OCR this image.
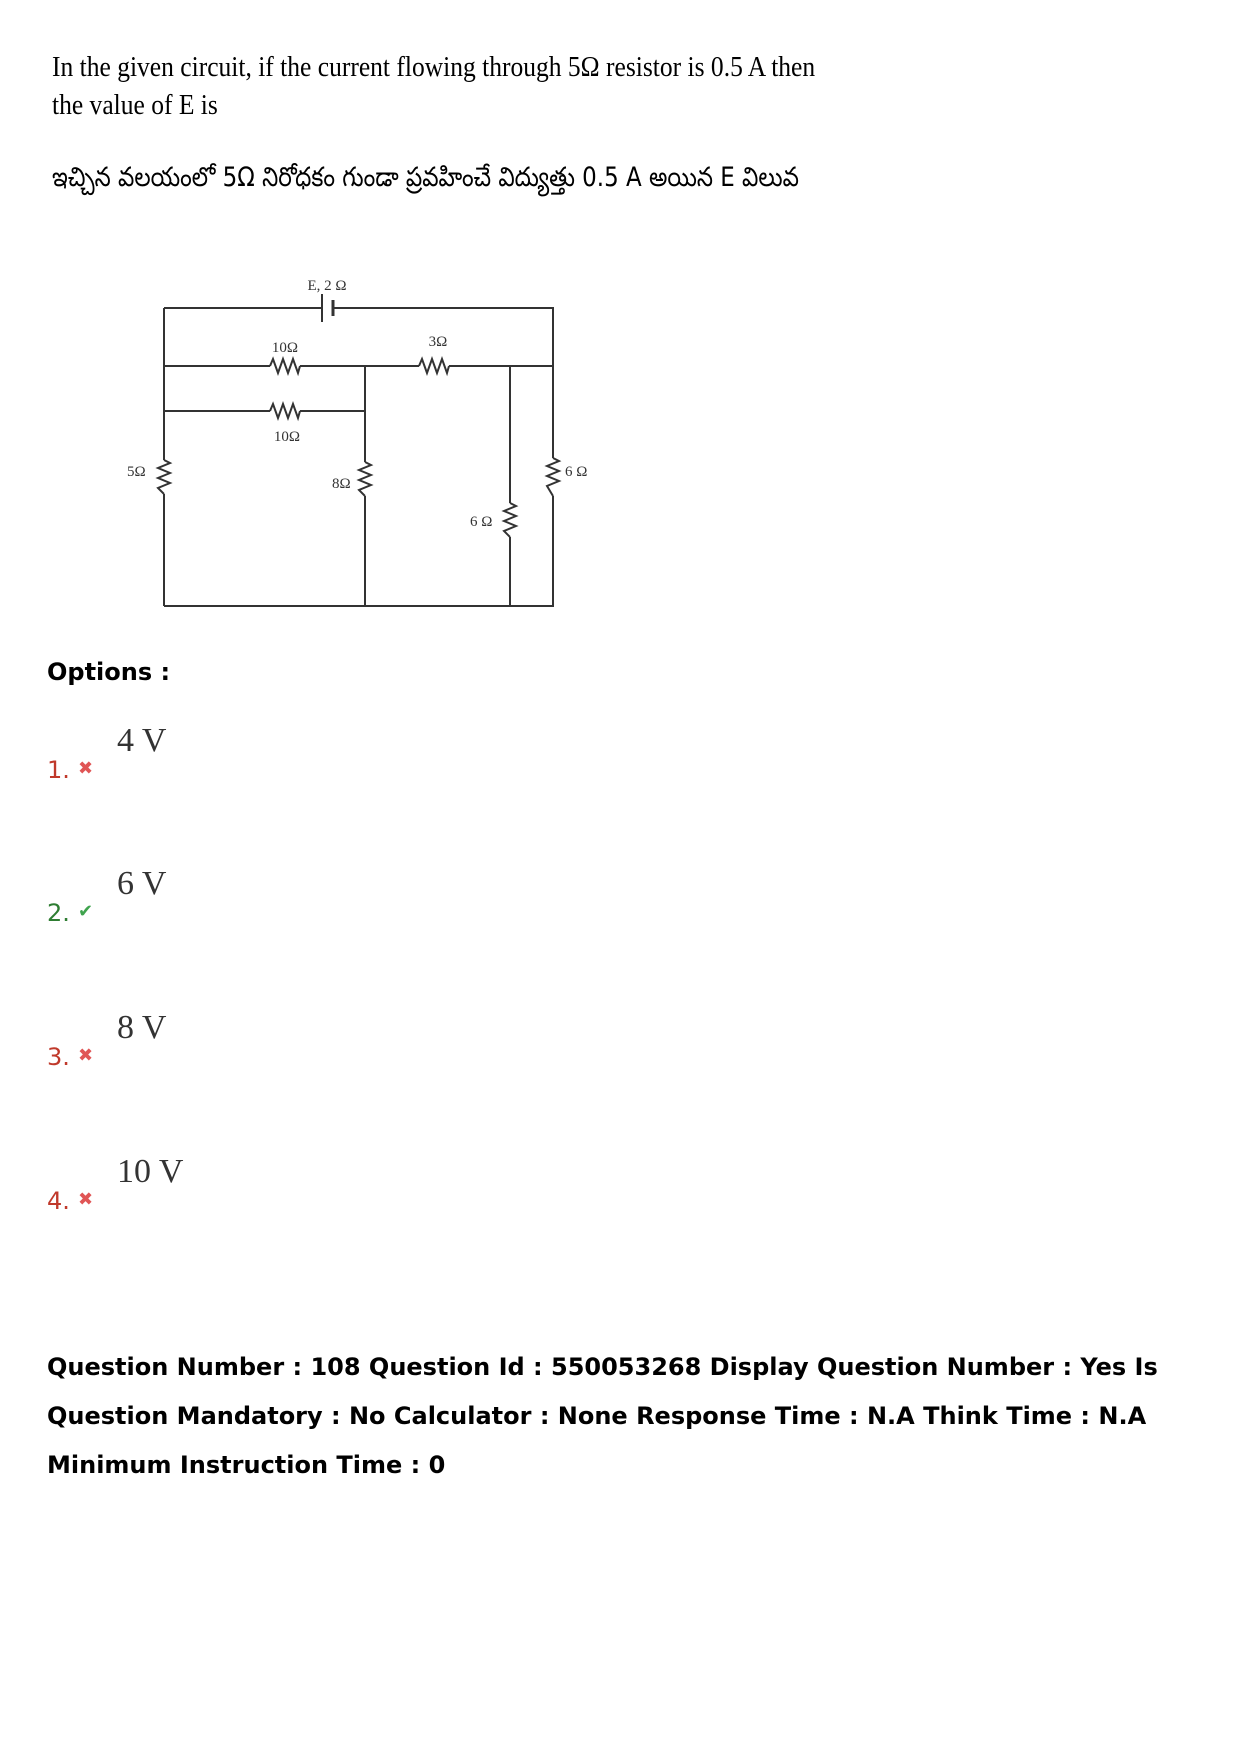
In the given circuit, if the current flowing through 5Ω resistor is 0.5 A then the value of E is
ఇచ్చిన వలయంలో 5Ω నిరోధకం గుండా ప్రవహించే విద్యుత్తు 0.5 A అయిన E విలువ
E, 2 Ω
10Ω
10Ω
3Ω
5Ω
8Ω
6 Ω
6 Ω
Options :
1. ✖
4 V
2. ✔
6 V
3. ✖
8 V
4. ✖
10 V
Question Number : 108 Question Id : 550053268 Display Question Number : Yes Is Question Mandatory : No Calculator : None Response Time : N.A Think Time : N.A Minimum Instruction Time : 0
